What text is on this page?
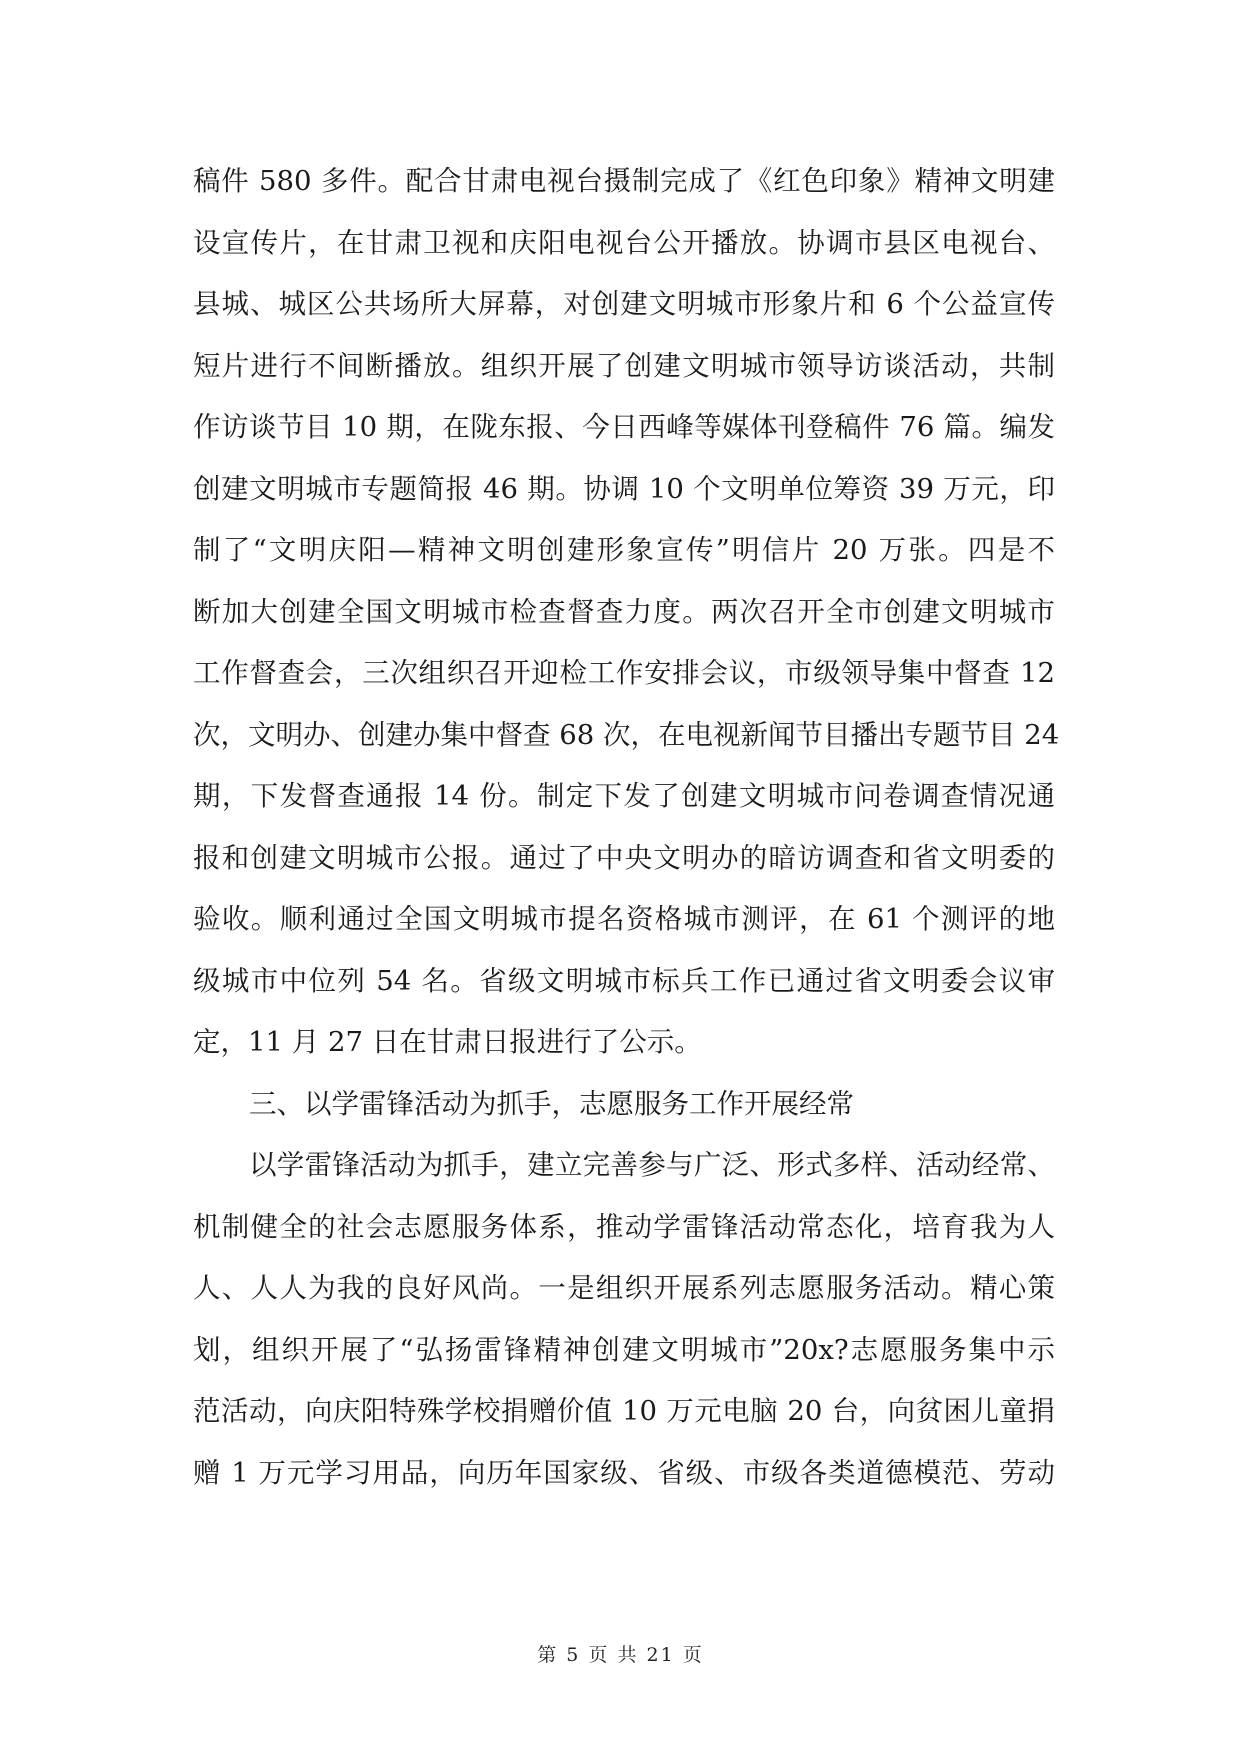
稿件 580 多件。配合甘肃电视台摄制完成了《红色印象》精神文明建
设宣传片，在甘肃卫视和庆阳电视台公开播放。协调市县区电视台、
县城、城区公共场所大屏幕，对创建文明城市形象片和 6 个公益宣传
短片进行不间断播放。组织开展了创建文明城市领导访谈活动，共制
作访谈节目 10 期，在陇东报、今日西峰等媒体刊登稿件 76 篇。编发
创建文明城市专题简报 46 期。协调 10 个文明单位筹资 39 万元，印
制了“文明庆阳—精神文明创建形象宣传”明信片 20 万张。四是不
断加大创建全国文明城市检查督查力度。两次召开全市创建文明城市
工作督查会，三次组织召开迎检工作安排会议，市级领导集中督查 12
次，文明办、创建办集中督查 68 次，在电视新闻节目播出专题节目 24
期，下发督查通报 14 份。制定下发了创建文明城市问卷调查情况通
报和创建文明城市公报。通过了中央文明办的暗访调查和省文明委的
验收。顺利通过全国文明城市提名资格城市测评，在 61 个测评的地
级城市中位列 54 名。省级文明城市标兵工作已通过省文明委会议审
定，11 月 27 日在甘肃日报进行了公示。
三、以学雷锋活动为抓手，志愿服务工作开展经常
以学雷锋活动为抓手，建立完善参与广泛、形式多样、活动经常、
机制健全的社会志愿服务体系，推动学雷锋活动常态化，培育我为人
人、人人为我的良好风尚。一是组织开展系列志愿服务活动。精心策
划，组织开展了“弘扬雷锋精神创建文明城市”20x?志愿服务集中示
范活动，向庆阳特殊学校捐赠价值 10 万元电脑 20 台，向贫困儿童捐
赠 1 万元学习用品，向历年国家级、省级、市级各类道德模范、劳动
第 5 页 共 21 页
